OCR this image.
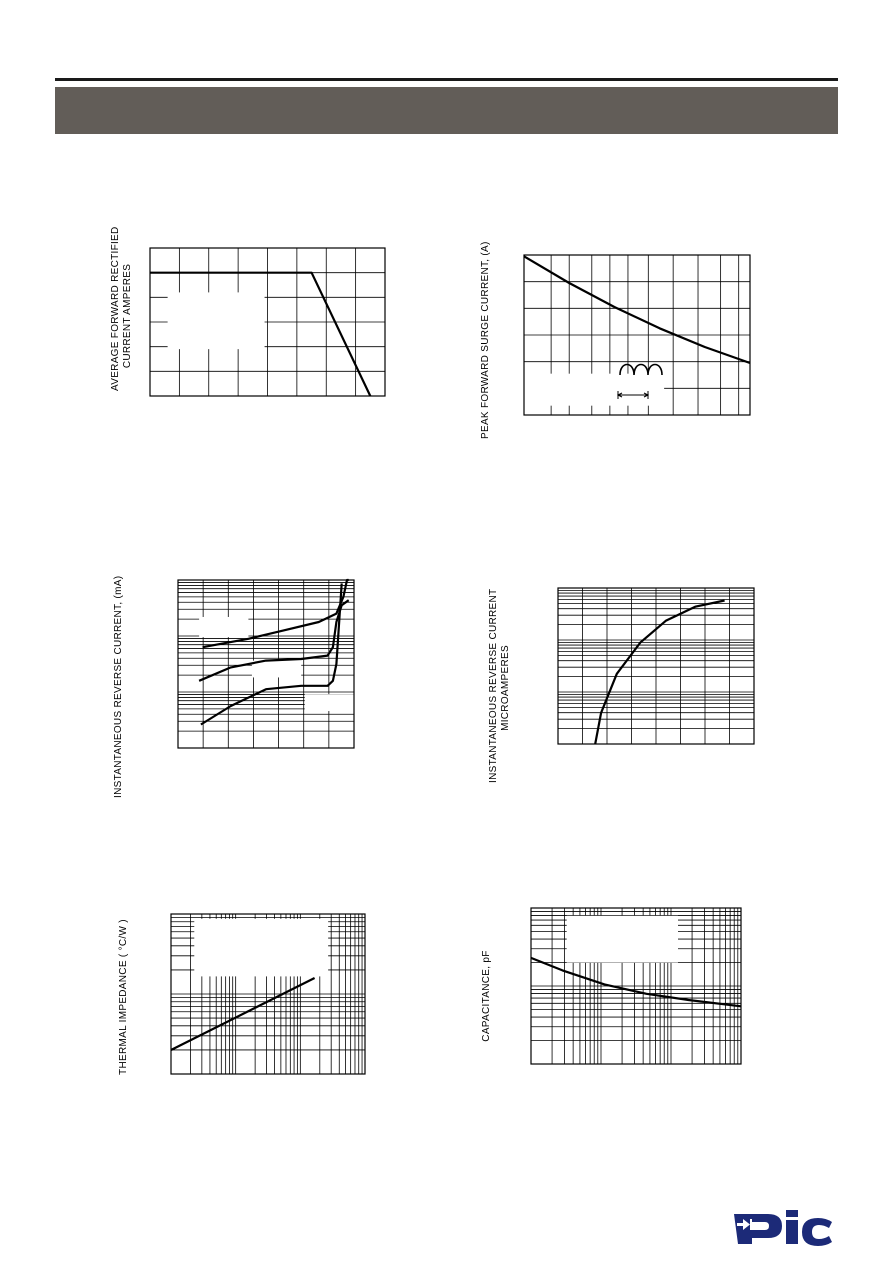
AVERAGE FORWARD RECTIFIED CURRENT AMPERES	PEAK FORWARD SURGE CURRENT, (A)
INSTANTANEOUS REVERSE CURRENT, (mA)	INSTANTANEOUS REVERSE CURRENT MICROAMPERES
THERMAL IMPEDANCE ( °C/W )	CAPACITANCE, pF
